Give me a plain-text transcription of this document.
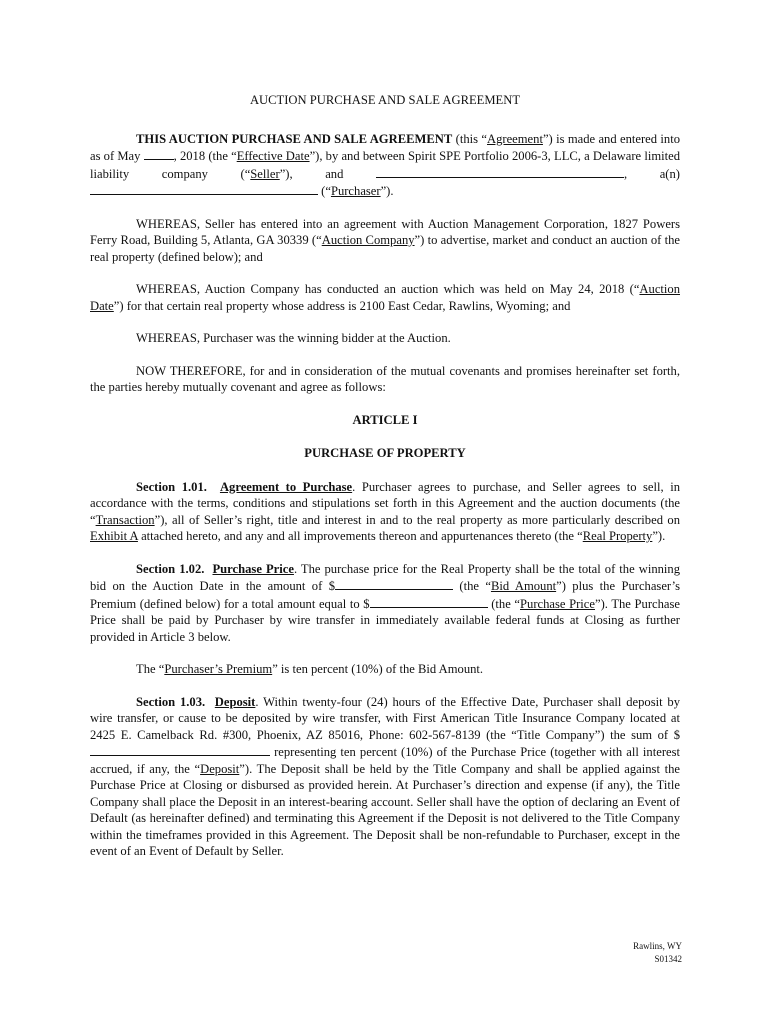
AUCTION PURCHASE AND SALE AGREEMENT

THIS AUCTION PURCHASE AND SALE AGREEMENT (this “Agreement”) is made and entered into as of May , 2018 (the “Effective Date”), by and between Spirit SPE Portfolio 2006-3, LLC, a Delaware limited liability company (“Seller”), and	, a(n)  (“Purchaser”).

WHEREAS, Seller has entered into an agreement with Auction Management Corporation, 1827 Powers Ferry Road, Building 5, Atlanta, GA 30339 (“Auction Company”) to advertise, market and conduct an auction of the real property (defined below); and

WHEREAS, Auction Company has conducted an auction which was held on May 24, 2018 (“Auction Date”) for that certain real property whose address is 2100 East Cedar, Rawlins, Wyoming; and

WHEREAS, Purchaser was the winning bidder at the Auction.

NOW THEREFORE, for and in consideration of the mutual covenants and promises hereinafter set forth, the parties hereby mutually covenant and agree as follows:

ARTICLE I
PURCHASE OF PROPERTY

Section 1.01. Agreement to Purchase. Purchaser agrees to purchase, and Seller agrees to sell, in accordance with the terms, conditions and stipulations set forth in this Agreement and the auction documents (the “Transaction”), all of Seller’s right, title and interest in and to the real property as more particularly described on Exhibit A attached hereto, and any and all improvements thereon and appurtenances thereto (the “Real Property”).

Section 1.02. Purchase Price. The purchase price for the Real Property shall be the total of the winning bid on the Auction Date in the amount of $	(the “Bid Amount”) plus the Purchaser’s Premium (defined below) for a total amount equal to $	(the “Purchase Price”). The Purchase Price shall be paid by Purchaser by wire transfer in immediately available federal funds at Closing as further provided in Article 3 below.

The “Purchaser’s Premium” is ten percent (10%) of the Bid Amount.

Section 1.03. Deposit. Within twenty-four (24) hours of the Effective Date, Purchaser shall deposit by wire transfer, or cause to be deposited by wire transfer, with First American Title Insurance Company located at 2425 E. Camelback Rd. #300, Phoenix, AZ 85016, Phone: 602-567-8139 (the “Title Company”) the sum of $ representing ten percent (10%) of the Purchase Price (together with all interest accrued, if any, the “Deposit”). The Deposit shall be held by the Title Company and shall be applied against the Purchase Price at Closing or disbursed as provided herein. At Purchaser’s direction and expense (if any), the Title Company shall place the Deposit in an interest-bearing account. Seller shall have the option of declaring an Event of Default (as hereinafter defined) and terminating this Agreement if the Deposit is not delivered to the Title Company within the timeframes provided in this Agreement. The Deposit shall be non-refundable to Purchaser, except in the event of an Event of Default by Seller.

Rawlins, WY
S01342
